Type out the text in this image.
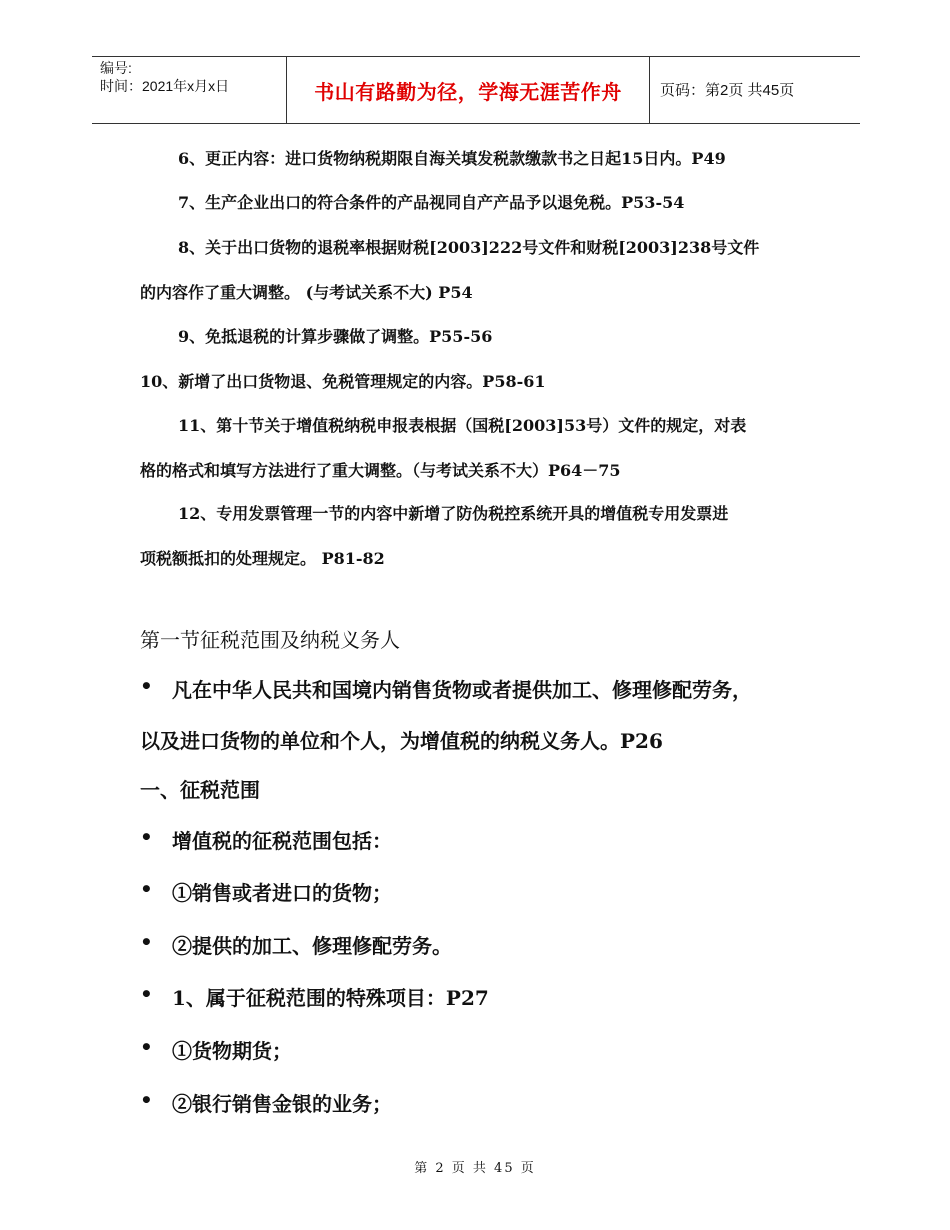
编号:
时间：2021年x月x日	书山有路勤为径，学海无涯苦作舟	页码：第2页 共45页
6、更正内容：进口货物纳税期限自海关填发税款缴款书之日起15日内。P49
7、生产企业出口的符合条件的产品视同自产产品予以退免税。P53-54
8、关于出口货物的退税率根据财税[2003]222号文件和财税[2003]238号文件
的内容作了重大调整。 (与考试关系不大) P54
9、免抵退税的计算步骤做了调整。P55-56
10、新增了出口货物退、免税管理规定的内容。P58-61
11、第十节关于增值税纳税申报表根据（国税[2003]53号）文件的规定，对表
格的格式和填写方法进行了重大调整。（与考试关系不大）P64－75
12、专用发票管理一节的内容中新增了防伪税控系统开具的增值税专用发票进
项税额抵扣的处理规定。 P81-82
第一节征税范围及纳税义务人
• 凡在中华人民共和国境内销售货物或者提供加工、修理修配劳务，
以及进口货物的单位和个人，为增值税的纳税义务人。P26
一、征税范围
• 增值税的征税范围包括：
• ①销售或者进口的货物；
• ②提供的加工、修理修配劳务。
• 1、属于征税范围的特殊项目：P27
• ①货物期货；
• ②银行销售金银的业务；
第 2 页 共 45 页
